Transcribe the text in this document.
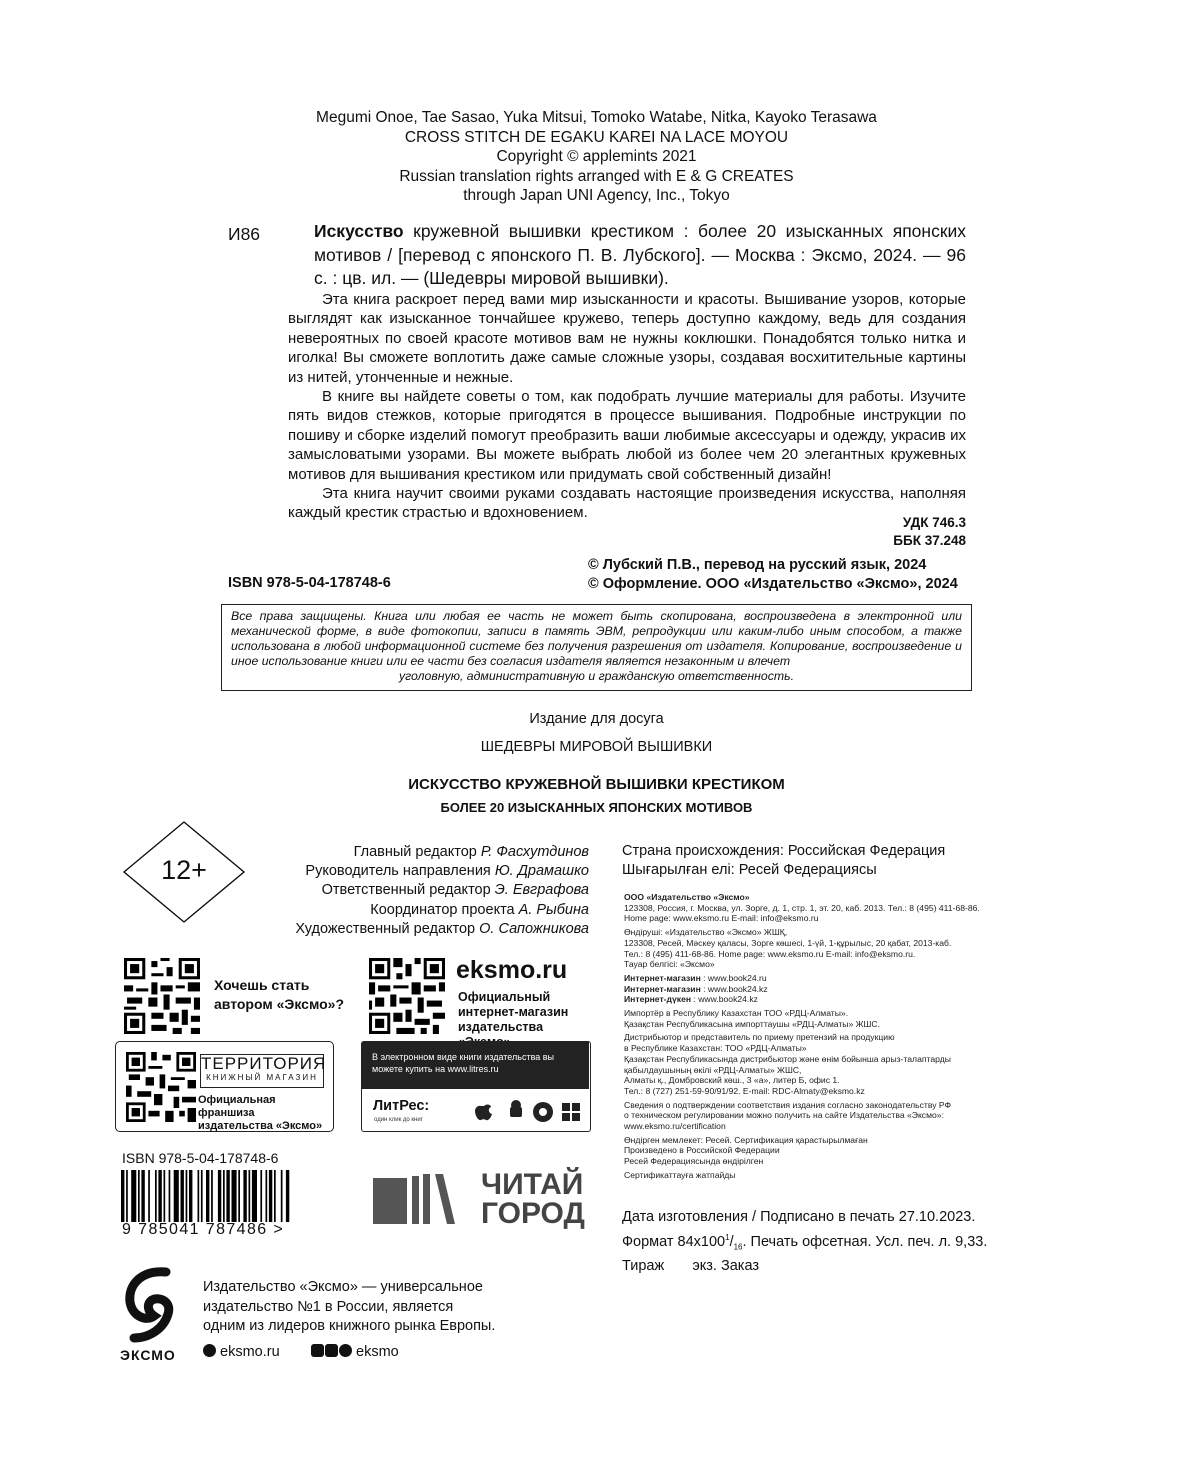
Megumi Onoe, Tae Sasao, Yuka Mitsui, Tomoko Watabe, Nitka, Kayoko Terasawa
CROSS STITCH DE EGAKU KAREI NA LACE MOYOU
Copyright © applemints 2021
Russian translation rights arranged with E & G CREATES
through Japan UNI Agency, Inc., Tokyo
И86	Искусство кружевной вышивки крестиком : более 20 изысканных японских мотивов / [перевод с японского П. В. Лубского]. — Москва : Эксмо, 2024. — 96 с. : цв. ил. — (Шедевры мировой вышивки).

Эта книга раскроет перед вами мир изысканности и красоты. Вышивание узоров, которые выглядят как изысканное тончайшее кружево, теперь доступно каждому, ведь для создания невероятных по своей красоте мотивов вам не нужны коклюшки. Понадобятся только нитка и иголка! Вы сможете воплотить даже самые сложные узоры, создавая восхитительные картины из нитей, утонченные и нежные.

В книге вы найдете советы о том, как подобрать лучшие материалы для работы. Изучите пять видов стежков, которые пригодятся в процессе вышивания. Подробные инструкции по пошиву и сборке изделий помогут преобразить ваши любимые аксессуары и одежду, украсив их замысловатыми узорами. Вы можете выбрать любой из более чем 20 элегантных кружевных мотивов для вышивания крестиком или придумать свой собственный дизайн!

Эта книга научит своими руками создавать настоящие произведения искусства, наполняя каждый крестик страстью и вдохновением.

УДК 746.3
ББК 37.248
© Лубский П.В., перевод на русский язык, 2024
© Оформление. ООО «Издательство «Эксмо», 2024
ISBN 978-5-04-178748-6
Все права защищены. Книга или любая ее часть не может быть скопирована, воспроизведена в электронной или механической форме, в виде фотокопии, записи в память ЭВМ, репродукции или каким-либо иным способом, а также использована в любой информационной системе без получения разрешения от издателя. Копирование, воспроизведение и иное использование книги или ее части без согласия издателя является незаконным и влечет
уголовную, административную и гражданскую ответственность.
Издание для досуга
ШЕДЕВРЫ МИРОВОЙ ВЫШИВКИ
ИСКУССТВО КРУЖЕВНОЙ ВЫШИВКИ КРЕСТИКОМ
БОЛЕЕ 20 ИЗЫСКАННЫХ ЯПОНСКИХ МОТИВОВ
12+
Главный редактор Р. Фасхутдинов
Руководитель направления Ю. Драмашко
Ответственный редактор Э. Евграфова
Координатор проекта А. Рыбина
Художественный редактор О. Сапожникова
Страна происхождения: Российская Федерация
Шығарылған елі: Ресей Федерациясы
ООО «Издательство «Эксмо»
123308, Россия, г. Москва, ул. Зорге, д. 1, стр. 1, эт. 20, каб. 2013. Тел.: 8 (495) 411-68-86.
Home page: www.eksmo.ru E-mail: info@eksmo.ru
Өндіруші: «Издательство «Эксмо» ЖШҚ,
123308, Ресей, Мәскеу қаласы, Зорге көшесі, 1-үй, 1-құрылыс, 20 қабат, 2013-каб.
Тел.: 8 (495) 411-68-86. Home page: www.eksmo.ru E-mail: info@eksmo.ru.
Тауар белгісі: «Эксмо»
Интернет-магазин : www.book24.ru
Интернет-магазин : www.book24.kz
Интернет-дүкен : www.book24.kz
Импортёр в Республику Казахстан ТОО «РДЦ-Алматы».
Қазақстан Республикасына импорттаушы «РДЦ-Алматы» ЖШС.
Дистрибьютор и представитель по приему претензий на продукцию
в Республике Казахстан: ТОО «РДЦ-Алматы»
Қазақстан Республикасында дистрибьютор және өнім бойынша арыз-талаптарды
қабылдаушының өкілі «РДЦ-Алматы» ЖШС,
Алматы қ., Домбровский көш., 3 «а», литер Б, офис 1.
Тел.: 8 (727) 251-59-90/91/92. E-mail: RDC-Almaty@eksmo.kz
Сведения о подтверждении соответствия издания согласно законодательству РФ
о техническом регулировании можно получить на сайте Издательства «Эксмо»:
www.eksmo.ru/certification
Өндірген мемлекет: Ресей. Сертификация қарастырылмаған
Произведено в Российской Федерации
Ресей Федерациясында өндірілген
Сертификаттауға жатпайды
Хочешь стать автором «Эксмо»?
eksmo.ru
Официальный интернет-магазин издательства
ТЕРРИТОРИЯ
КНИЖНЫЙ МАГАЗИН
Официальная франшиза издательства «Эксмо»
В электронном виде книги издательства вы можете купить на www.litres.ru
ЛитРес:
один клик до книг
ISBN 978-5-04-178748-6
9 785041 787486 >
ЧИТАЙ
ГОРОД	Дата изготовления / Подписано в печать 27.10.2023.
Формат $84x100^1/_{16}$. Печать офсетная. Усл. печ. л. 9,33.
Тираж       экз. Заказ
ЭКСМО
Издательство «Эксмо» — универсальное
издательство №1 в России, является
одним из лидеров книжного рынка Европы.
eksmo.ru	eksmo
